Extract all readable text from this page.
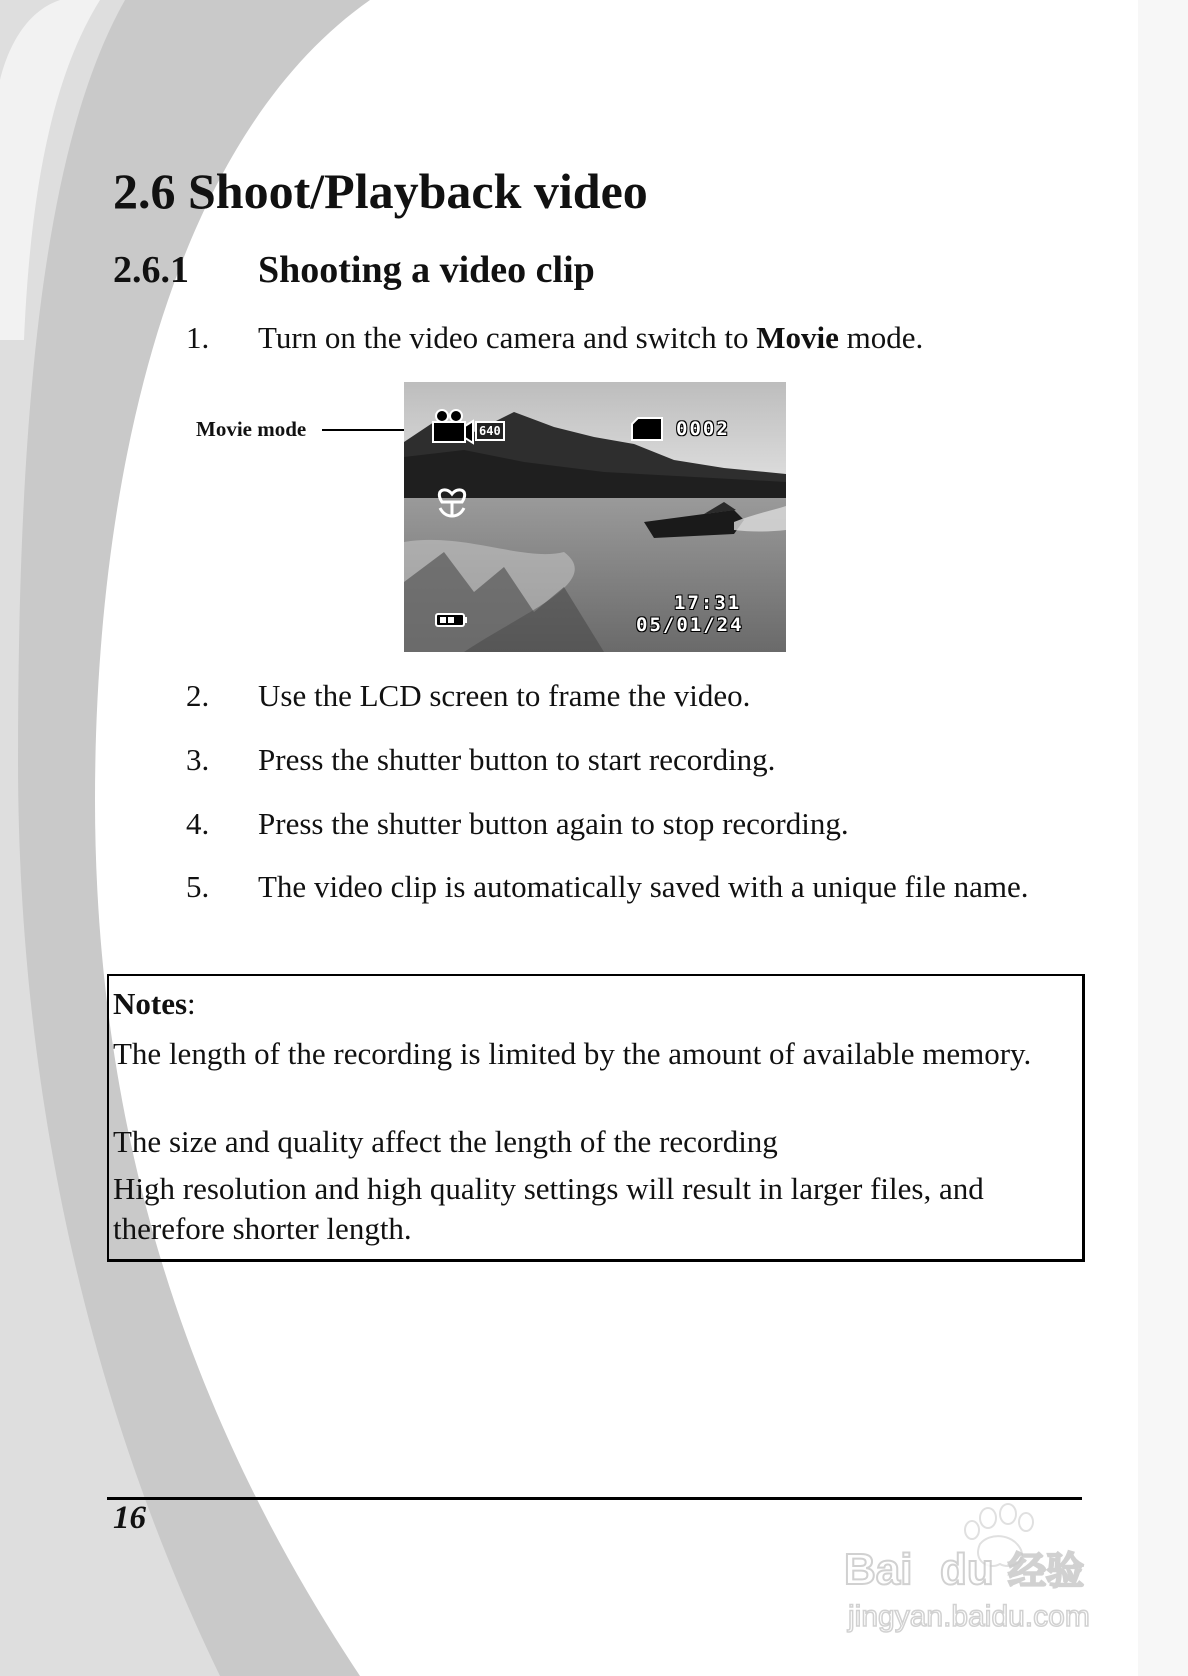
2.6 Shoot/Playback video
2.6.1 Shooting a video clip
1. Turn on the video camera and switch to Movie mode.
Movie mode	640	0002
17:31
05/01/24
2. Use the LCD screen to frame the video.
3. Press the shutter button to start recording.
4. Press the shutter button again to stop recording.
5. The video clip is automatically saved with a unique file name.
Notes:
The length of the recording is limited by the amount of available memory.
The size and quality affect the length of the recording
High resolution and high quality settings will result in larger files, and therefore shorter length.
16
Bai du 经验
jingyan.baidu.com
